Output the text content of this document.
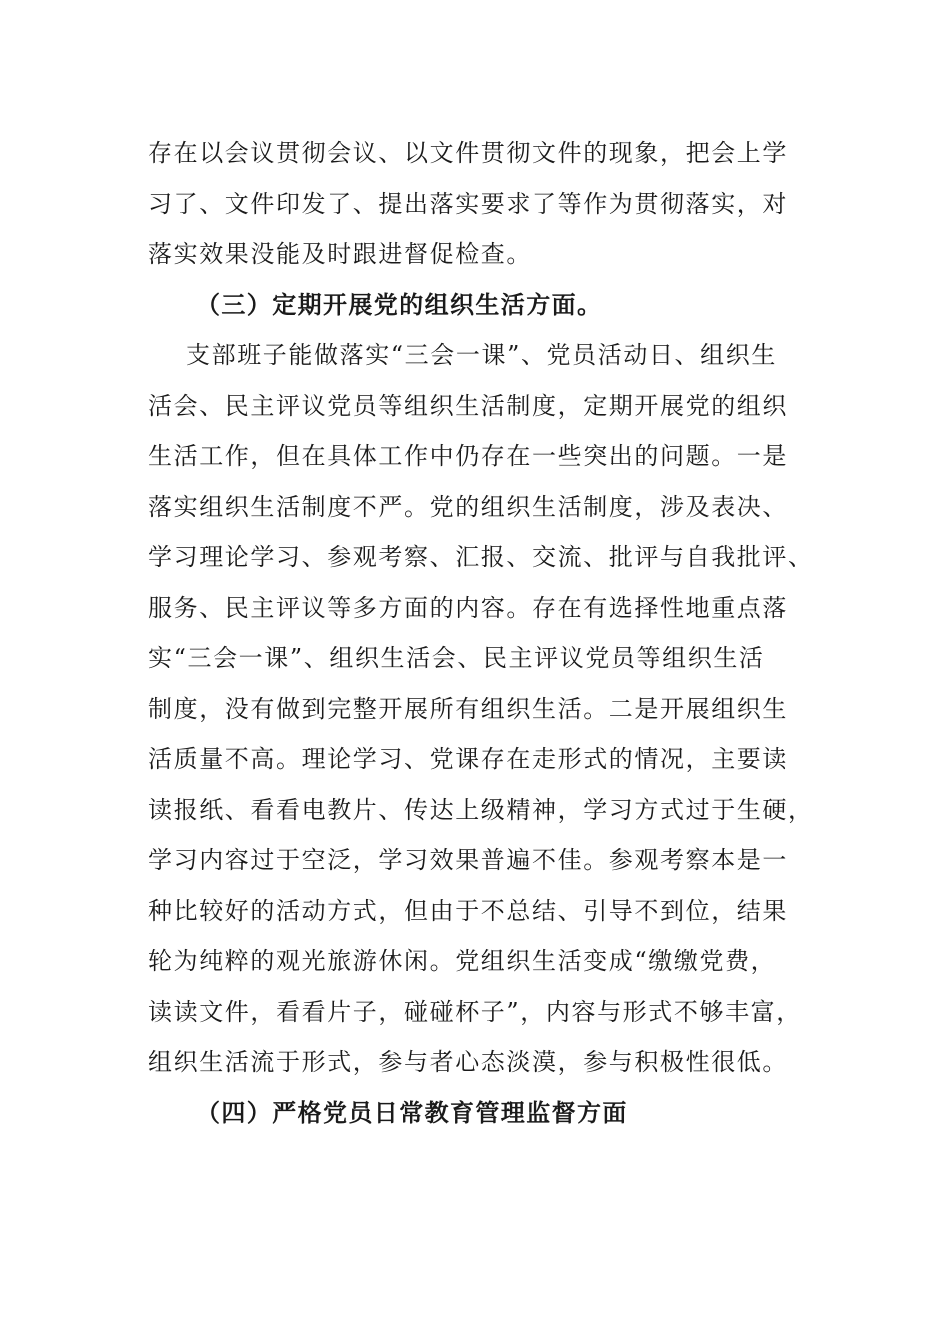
存在以会议贯彻会议、以文件贯彻文件的现象，把会上学
习了、文件印发了、提出落实要求了等作为贯彻落实，对
落实效果没能及时跟进督促检查。
（三）定期开展党的组织生活方面。
支部班子能做落实“三会一课”、党员活动日、组织生
活会、民主评议党员等组织生活制度，定期开展党的组织
生活工作，但在具体工作中仍存在一些突出的问题。一是
落实组织生活制度不严。党的组织生活制度，涉及表决、
学习理论学习、参观考察、汇报、交流、批评与自我批评、
服务、民主评议等多方面的内容。存在有选择性地重点落
实“三会一课”、组织生活会、民主评议党员等组织生活
制度，没有做到完整开展所有组织生活。二是开展组织生
活质量不高。理论学习、党课存在走形式的情况，主要读
读报纸、看看电教片、传达上级精神，学习方式过于生硬，
学习内容过于空泛，学习效果普遍不佳。参观考察本是一
种比较好的活动方式，但由于不总结、引导不到位，结果
轮为纯粹的观光旅游休闲。党组织生活变成“缴缴党费，
读读文件，看看片子，碰碰杯子”，内容与形式不够丰富，
组织生活流于形式，参与者心态淡漠，参与积极性很低。
（四）严格党员日常教育管理监督方面
